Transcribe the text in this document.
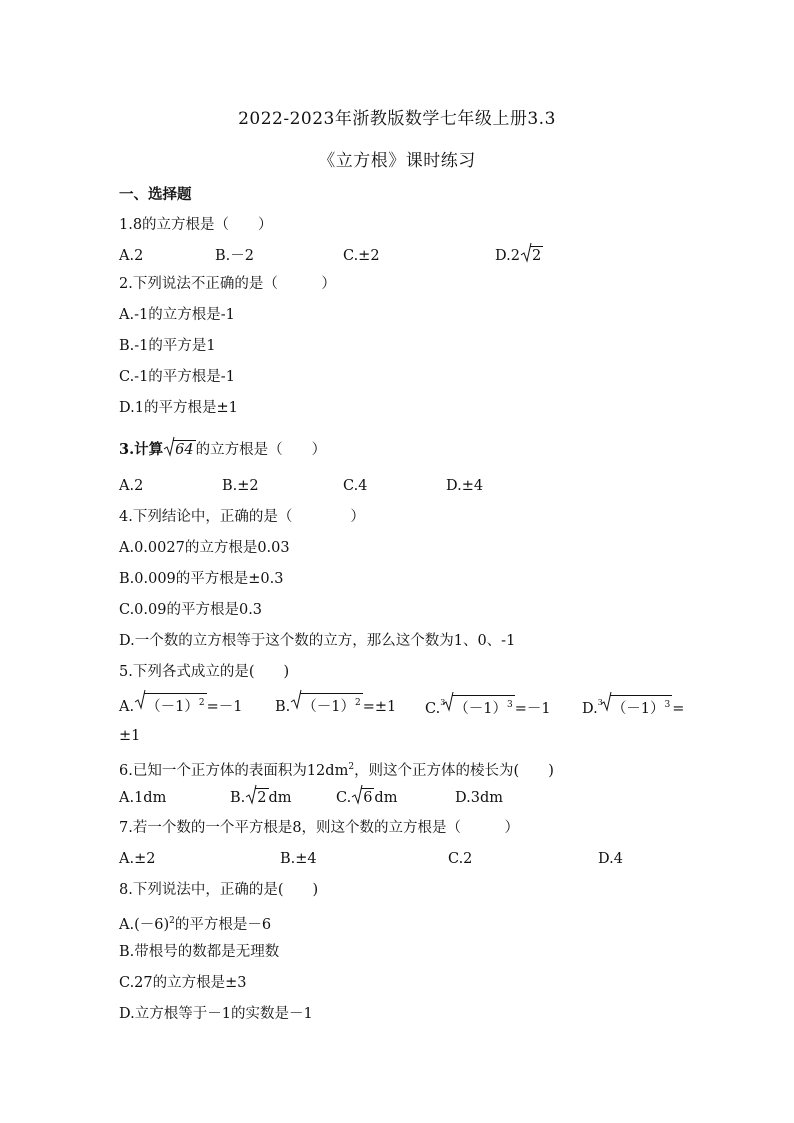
2022-2023年浙教版数学七年级上册3.3
《立方根》课时练习
一、选择题
1.8的立方根是（　　）
A.2	B.－2	C.±2	D.2 2
2.下列说法不正确的是（　　　）
A.-1的立方根是-1
B.-1的平方是1
C.-1的平方根是-1
D.1的平方根是±1
3.计算 64 的立方根是（　　）
A.2	B.±2	C.4	D.±4
4.下列结论中，正确的是（　　　　）
A.0.0027的立方根是0.03
B.0.009的平方根是±0.3
C.0.09的平方根是0.3
D.一个数的立方根等于这个数的立方，那么这个数为1、0、-1
5.下列各式成立的是(　　)
A. $(-1)^2 =-1$ B. $(-1)^2 =\pm 1$ C.$^3$ $(-1)^3 =-1$ D.$^3$ $(-1)^3$ =
±1
6.已知一个正方体的表面积为$12dm^2$，则这个正方体的棱长为(　　)
A.1dm	B. 2 dm	C. 6 dm	D.3dm
7.若一个数的一个平方根是8，则这个数的立方根是（　　　）
A.±2	B.±4	C.2	D.4
8.下列说法中，正确的是(　　)
$A.(-6)^2$的平方根是－6
B.带根号的数都是无理数
C.27的立方根是±3
D.立方根等于－1的实数是－1
